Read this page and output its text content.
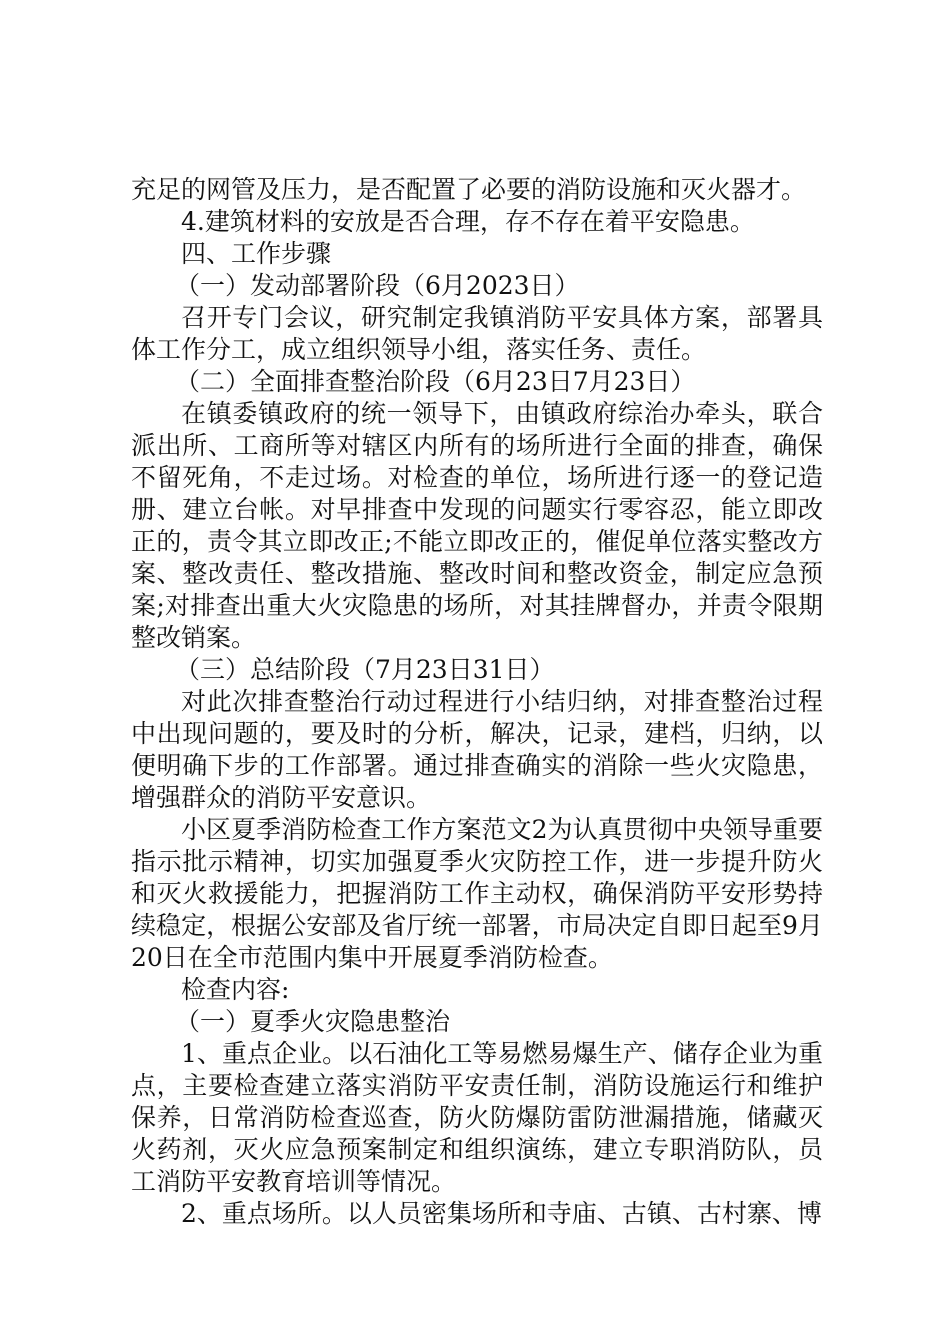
充足的网管及压力，是否配置了必要的消防设施和灭火器才。

4.建筑材料的安放是否合理，存不存在着平安隐患。

四、工作步骤

（一）发动部署阶段（6月2023日）

召开专门会议，研究制定我镇消防平安具体方案，部署具体工作分工，成立组织领导小组，落实任务、责任。

（二）全面排查整治阶段（6月23日7月23日）

在镇委镇政府的统一领导下，由镇政府综治办牵头，联合派出所、工商所等对辖区内所有的场所进行全面的排查，确保不留死角，不走过场。对检查的单位，场所进行逐一的登记造册、建立台帐。对早排查中发现的问题实行零容忍，能立即改正的，责令其立即改正;不能立即改正的，催促单位落实整改方案、整改责任、整改措施、整改时间和整改资金，制定应急预案;对排查出重大火灾隐患的场所，对其挂牌督办，并责令限期整改销案。

（三）总结阶段（7月23日31日）

对此次排查整治行动过程进行小结归纳，对排查整治过程中出现问题的，要及时的分析，解决，记录，建档，归纳，以便明确下步的工作部署。通过排查确实的消除一些火灾隐患，增强群众的消防平安意识。

小区夏季消防检查工作方案范文2为认真贯彻中央领导重要指示批示精神，切实加强夏季火灾防控工作，进一步提升防火和灭火救援能力，把握消防工作主动权，确保消防平安形势持续稳定，根据公安部及省厅统一部署，市局决定自即日起至9月20日在全市范围内集中开展夏季消防检查。

检查内容:

（一）夏季火灾隐患整治

1、重点企业。以石油化工等易燃易爆生产、储存企业为重点，主要检查建立落实消防平安责任制，消防设施运行和维护保养，日常消防检查巡查，防火防爆防雷防泄漏措施，储藏灭火药剂，灭火应急预案制定和组织演练，建立专职消防队，员工消防平安教育培训等情况。

2、重点场所。以人员密集场所和寺庙、古镇、古村寨、博
